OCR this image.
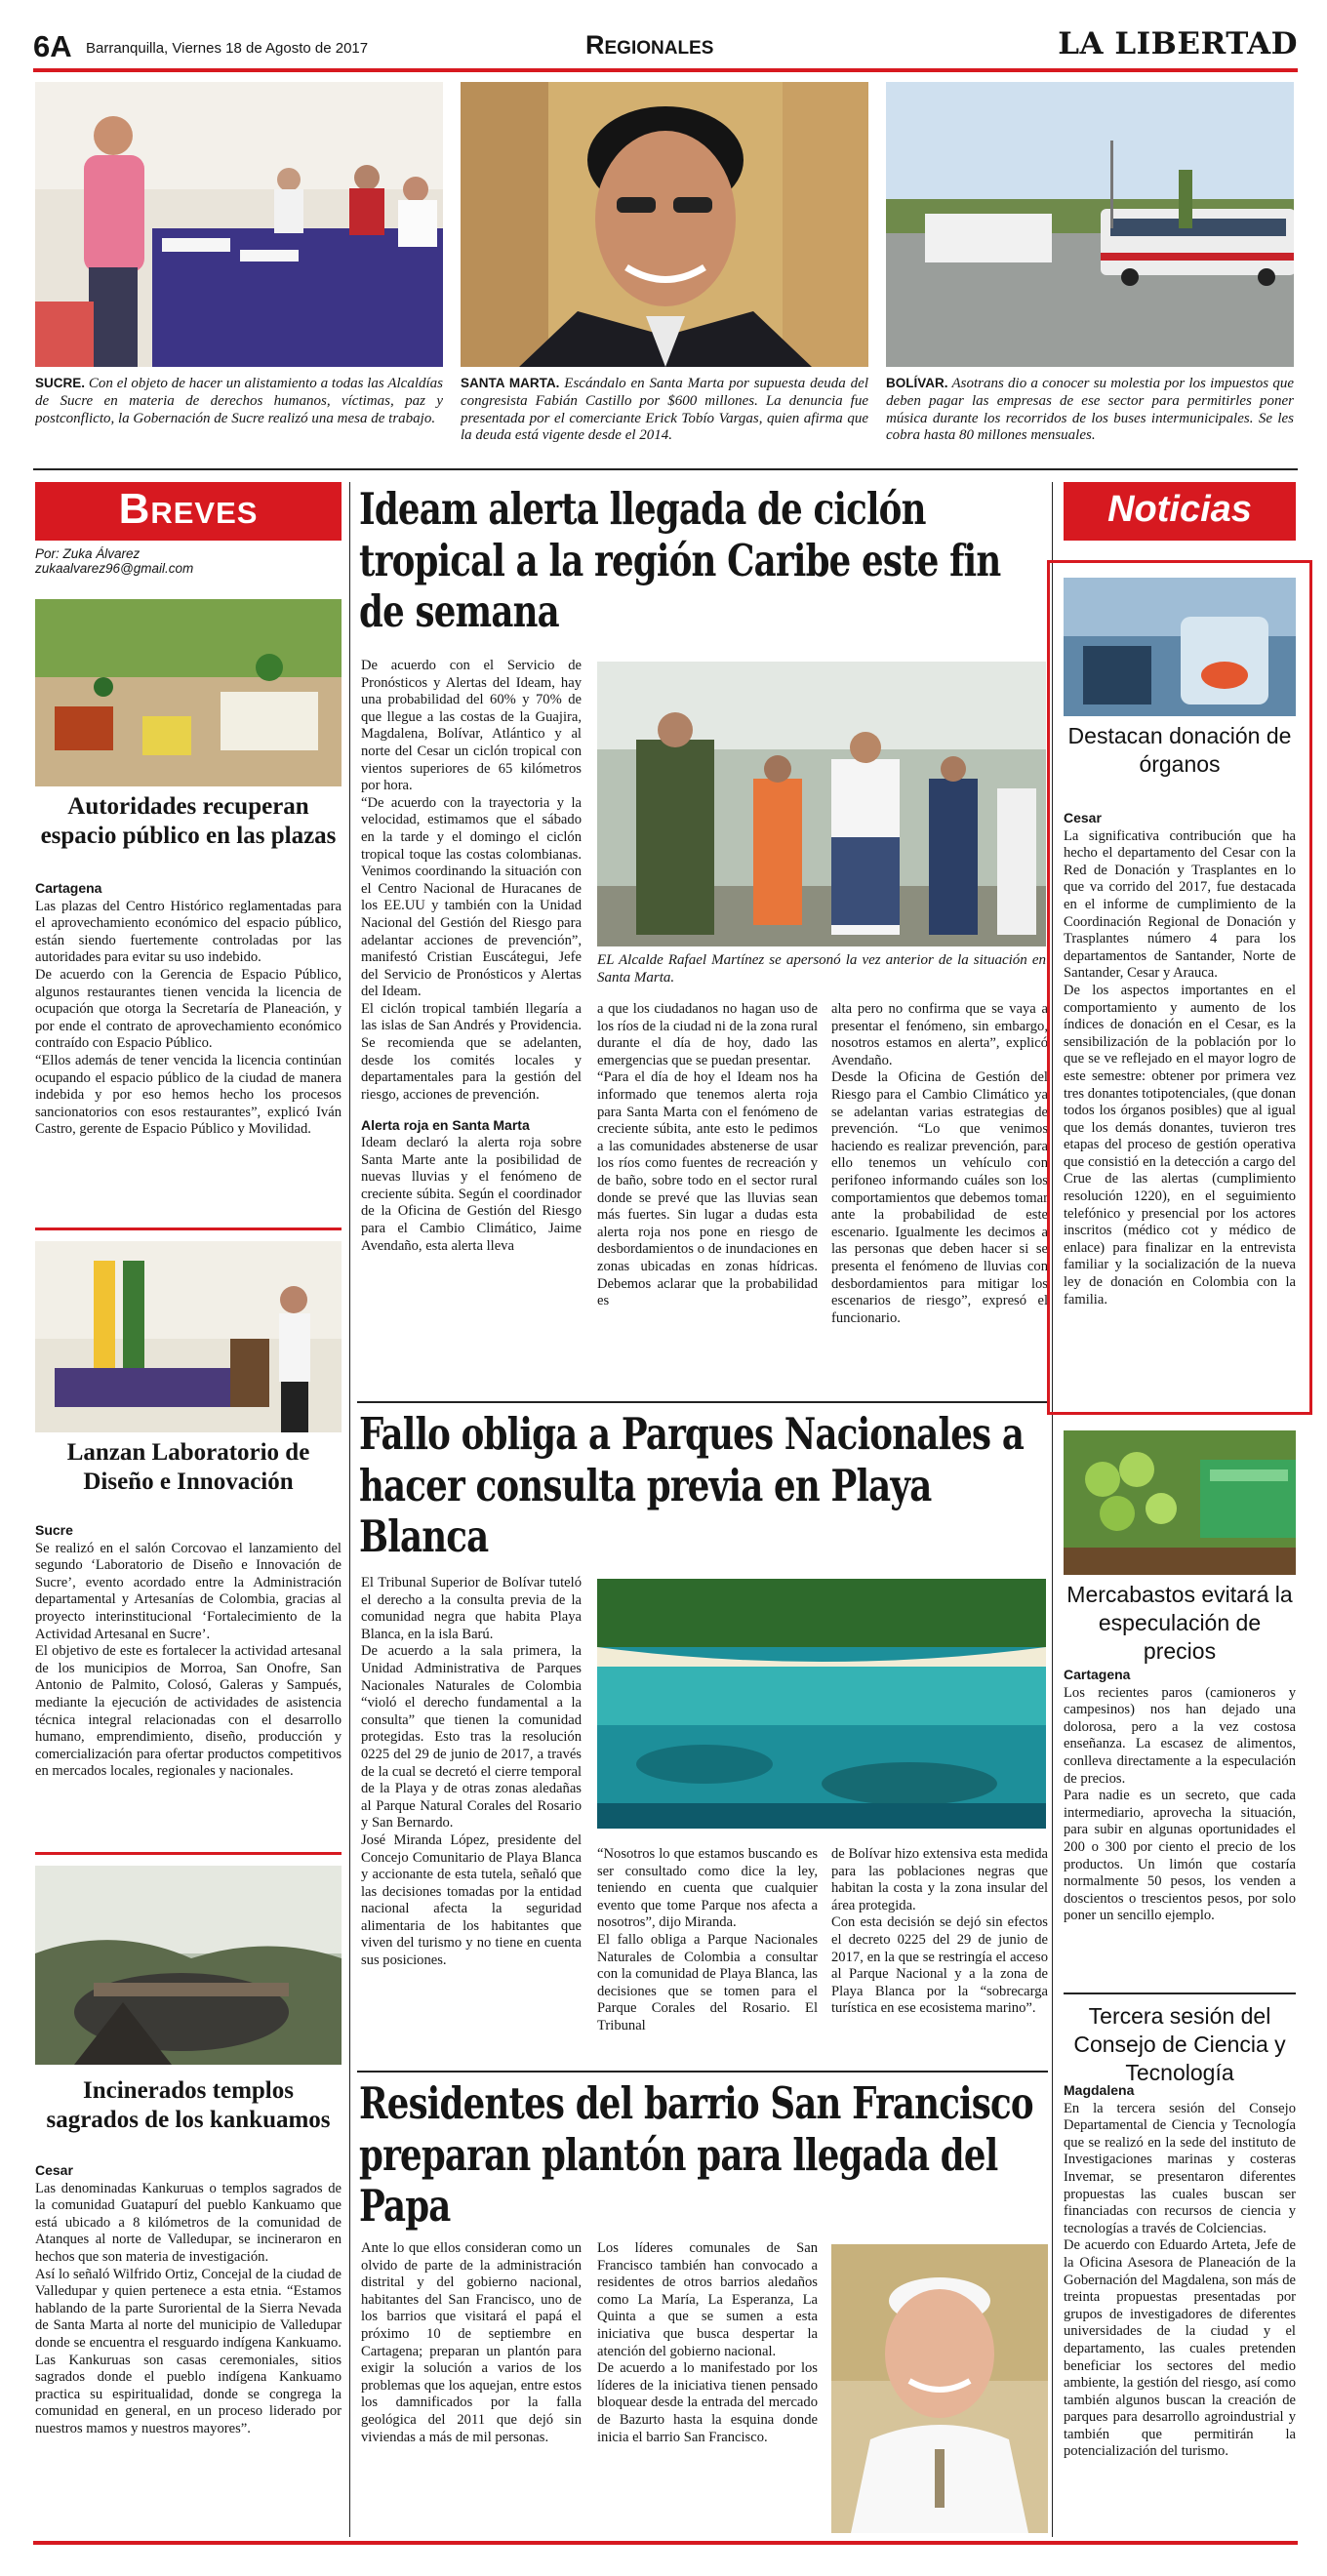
6A Barranquilla, Viernes 18 de Agosto de 2017	Regionales	LA LIBERTAD
SUCRE. Con el objeto de hacer un alistamiento a todas las Alcaldías de Sucre en materia de derechos humanos, víctimas, paz y postconflicto, la Gobernación de Sucre realizó una mesa de trabajo.
SANTA MARTA. Escándalo en Santa Marta por supuesta deuda del congresista Fabián Castillo por $600 millones. La denuncia fue presentada por el comerciante Erick Tobío Vargas, quien afirma que la deuda está vigente desde el 2014.
BOLÍVAR. Asotrans dio a conocer su molestia por los impuestos que deben pagar las empresas de ese sector para permitirles poner música durante los recorridos de los buses intermunicipales. Se les cobra hasta 80 millones mensuales.
Breves
Por: Zuka Álvarez
zukaalvarez96@gmail.com
Autoridades recuperan espacio público en las plazas
Cartagena
Las plazas del Centro Histórico reglamentadas para el aprovechamiento económico del espacio público, están siendo fuertemente controladas por las autoridades para evitar su uso indebido.
De acuerdo con la Gerencia de Espacio Público, algunos restaurantes tienen vencida la licencia de ocupación que otorga la Secretaría de Planeación, y por ende el contrato de aprovechamiento económico contraído con Espacio Público.
“Ellos además de tener vencida la licencia continúan ocupando el espacio público de la ciudad de manera indebida y por eso hemos hecho los procesos sancionatorios con esos restaurantes”, explicó Iván Castro, gerente de Espacio Público y Movilidad.
Lanzan Laboratorio de Diseño e Innovación
Sucre
Se realizó en el salón Corcovao el lanzamiento del segundo ‘Laboratorio de Diseño e Innovación de Sucre’, evento acordado entre la Administración departamental y Artesanías de Colombia, gracias al proyecto interinstitucional ‘Fortalecimiento de la Actividad Artesanal en Sucre’.
El objetivo de este es fortalecer la actividad artesanal de los municipios de Morroa, San Onofre, San Antonio de Palmito, Colosó, Galeras y Sampués, mediante la ejecución de actividades de asistencia técnica integral relacionadas con el desarrollo humano, emprendimiento, diseño, producción y comercialización para ofertar productos competitivos en mercados locales, regionales y nacionales.
Incinerados templos sagrados de los kankuamos
Cesar
Las denominadas Kankuruas o templos sagrados de la comunidad Guatapurí del pueblo Kankuamo que está ubicado a 8 kilómetros de la comunidad de Atanques al norte de Valledupar, se incineraron en hechos que son materia de investigación.
Así lo señaló Wilfrido Ortiz, Concejal de la ciudad de Valledupar y quien pertenece a esta etnia. “Estamos hablando de la parte Suroriental de la Sierra Nevada de Santa Marta al norte del municipio de Valledupar donde se encuentra el resguardo indígena Kankuamo. Las Kankuruas son casas ceremoniales, sitios sagrados donde el pueblo indígena Kankuamo practica su espiritualidad, donde se congrega la comunidad en general, en un proceso liderado por nuestros mamos y nuestros mayores”.
Ideam alerta llegada de ciclón tropical a la región Caribe este fin de semana
De acuerdo con el Servicio de Pronósticos y Alertas del Ideam, hay una probabilidad del 60% y 70% de que llegue a las costas de la Guajira, Magdalena, Bolívar, Atlántico y al norte del Cesar un ciclón tropical con vientos superiores de 65 kilómetros por hora.
“De acuerdo con la trayectoria y la velocidad, estimamos que el sábado en la tarde y el domingo el ciclón tropical toque las costas colombianas. Venimos coordinando la situación con el Centro Nacional de Huracanes de los EE.UU y también con la Unidad Nacional del Gestión del Riesgo para adelantar acciones de prevención”, manifestó Cristian Euscátegui, Jefe del Servicio de Pronósticos y Alertas del Ideam.
El ciclón tropical también llegaría a las islas de San Andrés y Providencia. Se recomienda que se adelanten, desde los comités locales y departamentales para la gestión del riesgo, acciones de prevención.
Alerta roja en Santa Marta
Ideam declaró la alerta roja sobre Santa Marte ante la posibilidad de nuevas lluvias y el fenómeno de creciente súbita. Según el coordinador de la Oficina de Gestión del Riesgo para el Cambio Climático, Jaime Avendaño, esta alerta lleva
EL Alcalde Rafael Martínez se apersonó la vez anterior de la situación en Santa Marta.
a que los ciudadanos no hagan uso de los ríos de la ciudad ni de la zona rural durante el día de hoy, dado las emergencias que se puedan presentar.
“Para el día de hoy el Ideam nos ha informado que tenemos alerta roja para Santa Marta con el fenómeno de creciente súbita, ante esto le pedimos a las comunidades abstenerse de usar los ríos como fuentes de recreación y de baño, sobre todo en el sector rural donde se prevé que las lluvias sean más fuertes. Sin lugar a dudas esta alerta roja nos pone en riesgo de desbordamientos o de inundaciones en zonas ubicadas en zonas hídricas. Debemos aclarar que la probabilidad es
alta pero no confirma que se vaya a presentar el fenómeno, sin embargo, nosotros estamos en alerta”, explicó Avendaño.
Desde la Oficina de Gestión del Riesgo para el Cambio Climático ya se adelantan varias estrategias de prevención. “Lo que venimos haciendo es realizar prevención, para ello tenemos un vehículo con perifoneo informando cuáles son los comportamientos que debemos tomar ante la probabilidad de este escenario. Igualmente les decimos a las personas que deben hacer si se presenta el fenómeno de lluvias con desbordamientos para mitigar los escenarios de riesgo”, expresó el funcionario.
Fallo obliga a Parques Nacionales a hacer consulta previa en Playa Blanca
El Tribunal Superior de Bolívar tuteló el derecho a la consulta previa de la comunidad negra que habita Playa Blanca, en la isla Barú.
De acuerdo a la sala primera, la Unidad Administrativa de Parques Nacionales Naturales de Colombia “violó el derecho fundamental a la consulta” que tienen la comunidad protegidas. Esto tras la resolución 0225 del 29 de junio de 2017, a través de la cual se decretó el cierre temporal de la Playa y de otras zonas aledañas al Parque Natural Corales del Rosario y San Bernardo.
José Miranda López, presidente del Concejo Comunitario de Playa Blanca y accionante de esta tutela, señaló que las decisiones tomadas por la entidad nacional afecta la seguridad alimentaria de los habitantes que viven del turismo y no tiene en cuenta sus posiciones.
“Nosotros lo que estamos buscando es ser consultado como dice la ley, teniendo en cuenta que cualquier evento que tome Parque nos afecta a nosotros”, dijo Miranda.
El fallo obliga a Parque Nacionales Naturales de Colombia a consultar con la comunidad de Playa Blanca, las decisiones que se tomen para el Parque Corales del Rosario. El Tribunal
de Bolívar hizo extensiva esta medida para las poblaciones negras que habitan la costa y la zona insular del área protegida.
Con esta decisión se dejó sin efectos el decreto 0225 del 29 de junio de 2017, en la que se restringía el acceso al Parque Nacional y a la zona de Playa Blanca por la “sobrecarga turística en ese ecosistema marino”.
Residentes del barrio San Francisco preparan plantón para llegada del Papa
Ante lo que ellos consideran como un olvido de parte de la administración distrital y del gobierno nacional, habitantes del San Francisco, uno de los barrios que visitará el papá el próximo 10 de septiembre en Cartagena; preparan un plantón para exigir la solución a varios de los problemas que los aquejan, entre estos los damnificados por la falla geológica del 2011 que dejó sin viviendas a más de mil personas.
Los líderes comunales de San Francisco también han convocado a residentes de otros barrios aledaños como La María, La Esperanza, La Quinta a que se sumen a esta iniciativa que busca despertar la atención del gobierno nacional.
De acuerdo a lo manifestado por los líderes de la iniciativa tienen pensado bloquear desde la entrada del mercado de Bazurto hasta la esquina donde inicia el barrio San Francisco.
Noticias
Destacan donación de órganos
Cesar
La significativa contribución que ha hecho el departamento del Cesar con la Red de Donación y Trasplantes en lo que va corrido del 2017, fue destacada en el informe de cumplimiento de la Coordinación Regional de Donación y Trasplantes número 4 para los departamentos de Santander, Norte de Santander, Cesar y Arauca.
De los aspectos importantes en el comportamiento y aumento de los índices de donación en el Cesar, es la sensibilización de la población por lo que se ve reflejado en el mayor logro de este semestre: obtener por primera vez tres donantes totipotenciales, (que donan todos los órganos posibles) que al igual que los demás donantes, tuvieron tres etapas del proceso de gestión operativa que consistió en la detección a cargo del Crue de las alertas (cumplimiento resolución 1220), en el seguimiento telefónico y presencial por los actores inscritos (médico cot y médico de enlace) para finalizar en la entrevista familiar y la socialización de la nueva ley de donación en Colombia con la familia.
Mercabastos evitará la especulación de precios
Cartagena
Los recientes paros (camioneros y campesinos) nos han dejado una dolorosa, pero a la vez costosa enseñanza. La escasez de alimentos, conlleva directamente a la especulación de precios.
Para nadie es un secreto, que cada intermediario, aprovecha la situación, para subir en algunas oportunidades el 200 o 300 por ciento el precio de los productos. Un limón que costaría normalmente 50 pesos, los venden a doscientos o trescientos pesos, por solo poner un sencillo ejemplo.
Tercera sesión del Consejo de Ciencia y Tecnología
Magdalena
En la tercera sesión del Consejo Departamental de Ciencia y Tecnología que se realizó en la sede del instituto de Investigaciones marinas y costeras Invemar, se presentaron diferentes propuestas las cuales buscan ser financiadas con recursos de ciencia y tecnologías a través de Colciencias.
De acuerdo con Eduardo Arteta, Jefe de la Oficina Asesora de Planeación de la Gobernación del Magdalena, son más de treinta propuestas presentadas por grupos de investigadores de diferentes universidades de la ciudad y el departamento, las cuales pretenden beneficiar los sectores del medio ambiente, la gestión del riesgo, así como también algunos buscan la creación de parques para desarrollo agroindustrial y también que permitirán la potencialización del turismo.
